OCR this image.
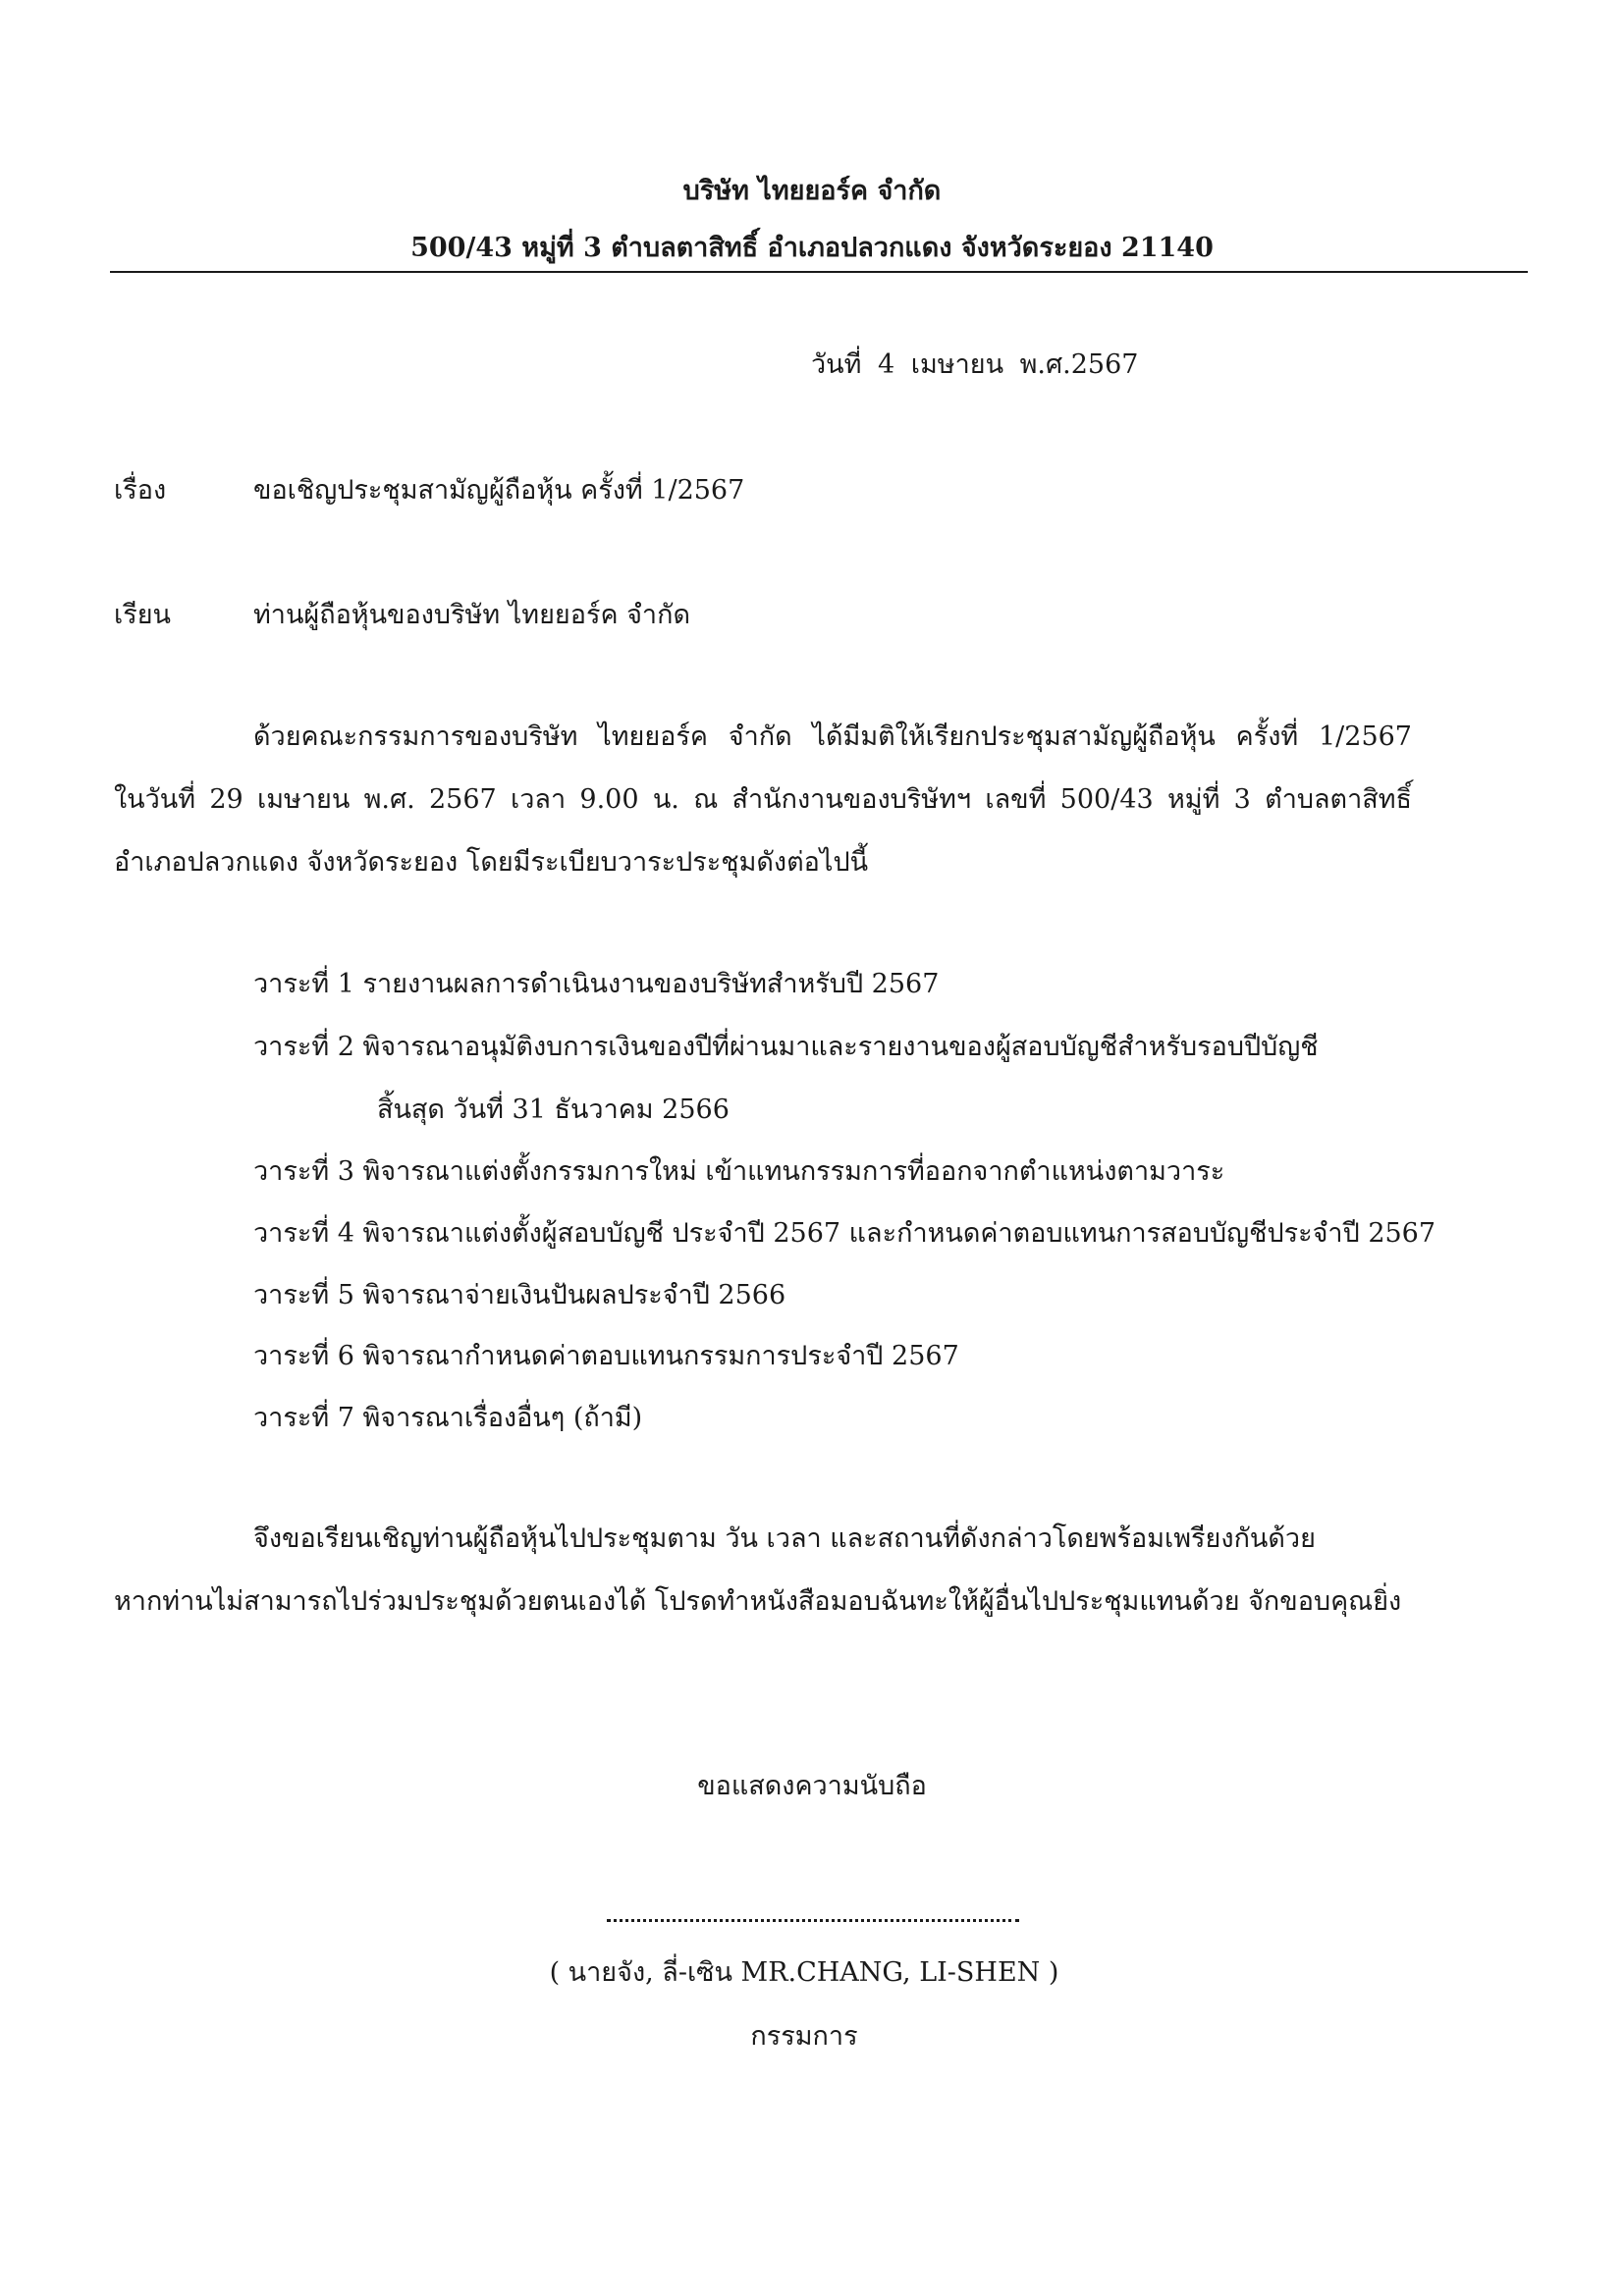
บริษัท ไทยยอร์ค จำกัด
500/43 หมู่ที่ 3 ตำบลตาสิทธิ์ อำเภอปลวกแดง จังหวัดระยอง 21140
วันที่ 4 เมษายน พ.ศ.2567
เรื่อง	ขอเชิญประชุมสามัญผู้ถือหุ้น ครั้งที่ 1/2567
เรียน	ท่านผู้ถือหุ้นของบริษัท ไทยยอร์ค จำกัด
ด้วยคณะกรรมการของบริษัท ไทยยอร์ค จำกัด ได้มีมติให้เรียกประชุมสามัญผู้ถือหุ้น ครั้งที่ 1/2567
ในวันที่ 29 เมษายน พ.ศ. 2567 เวลา 9.00 น. ณ สำนักงานของบริษัทฯ เลขที่ 500/43 หมู่ที่ 3 ตำบลตาสิทธิ์
อำเภอปลวกแดง จังหวัดระยอง โดยมีระเบียบวาระประชุมดังต่อไปนี้
วาระที่ 1 รายงานผลการดำเนินงานของบริษัทสำหรับปี 2567
วาระที่ 2 พิจารณาอนุมัติงบการเงินของปีที่ผ่านมาและรายงานของผู้สอบบัญชีสำหรับรอบปีบัญชี
สิ้นสุด วันที่ 31 ธันวาคม 2566
วาระที่ 3 พิจารณาแต่งตั้งกรรมการใหม่ เข้าแทนกรรมการที่ออกจากตำแหน่งตามวาระ
วาระที่ 4 พิจารณาแต่งตั้งผู้สอบบัญชี ประจำปี 2567 และกำหนดค่าตอบแทนการสอบบัญชีประจำปี 2567
วาระที่ 5 พิจารณาจ่ายเงินปันผลประจำปี 2566
วาระที่ 6 พิจารณากำหนดค่าตอบแทนกรรมการประจำปี 2567
วาระที่ 7 พิจารณาเรื่องอื่นๆ (ถ้ามี)
จึงขอเรียนเชิญท่านผู้ถือหุ้นไปประชุมตาม วัน เวลา และสถานที่ดังกล่าวโดยพร้อมเพรียงกันด้วย
หากท่านไม่สามารถไปร่วมประชุมด้วยตนเองได้ โปรดทำหนังสือมอบฉันทะให้ผู้อื่นไปประชุมแทนด้วย จักขอบคุณยิ่ง
ขอแสดงความนับถือ
( นายจัง, ลี่-เซิน MR.CHANG, LI-SHEN )
กรรมการ
